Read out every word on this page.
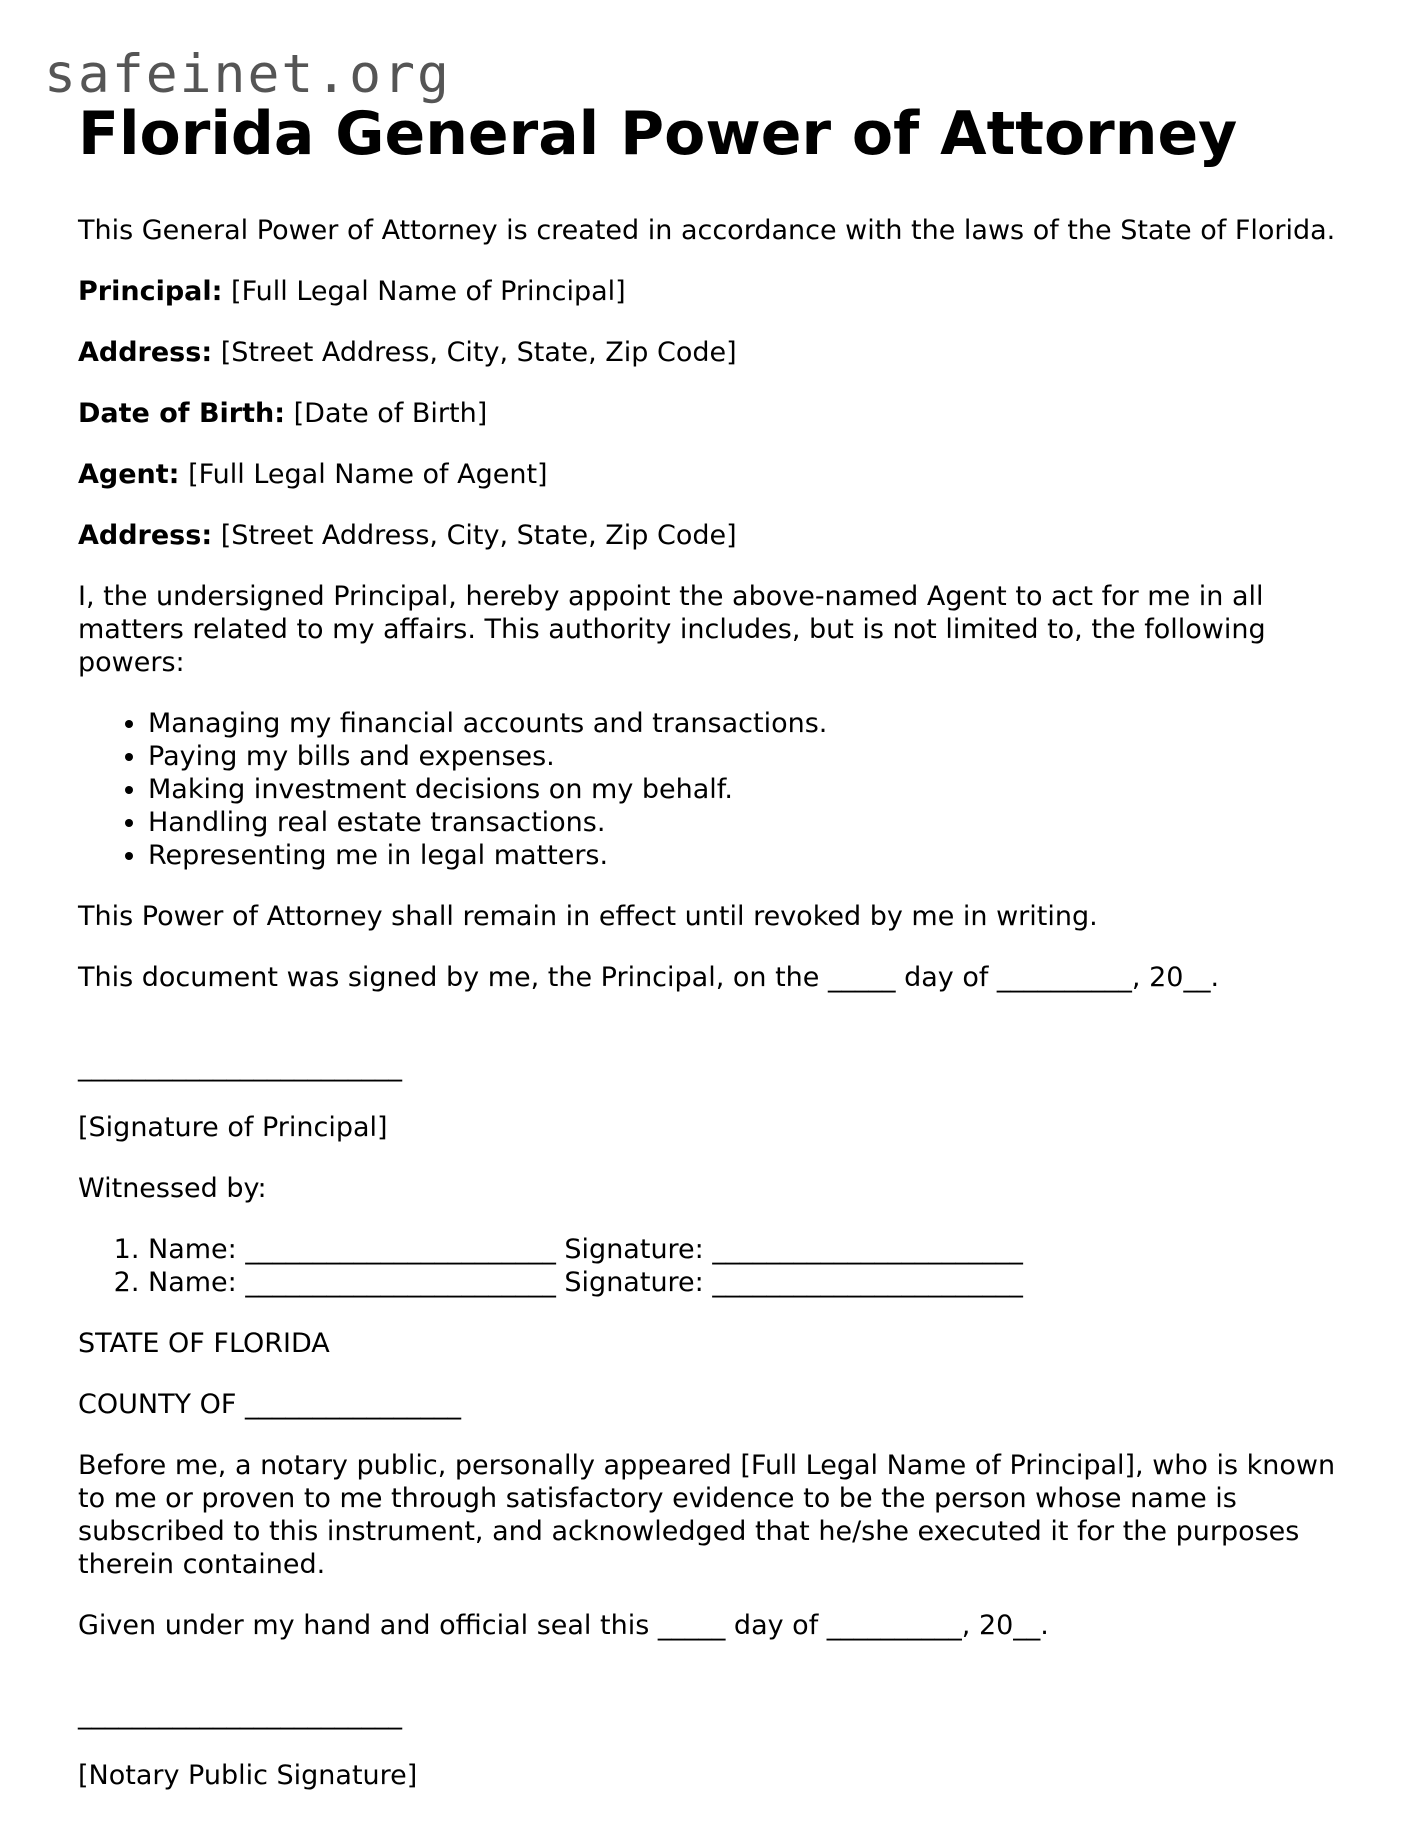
safeinet.org
Florida General Power of Attorney

This General Power of Attorney is created in accordance with the laws of the State of Florida.

Principal: [Full Legal Name of Principal]

Address: [Street Address, City, State, Zip Code]

Date of Birth: [Date of Birth]

Agent: [Full Legal Name of Agent]

Address: [Street Address, City, State, Zip Code]

I, the undersigned Principal, hereby appoint the above-named Agent to act for me in all matters related to my affairs. This authority includes, but is not limited to, the following powers:

• Managing my financial accounts and transactions.
• Paying my bills and expenses.
• Making investment decisions on my behalf.
• Handling real estate transactions.
• Representing me in legal matters.

This Power of Attorney shall remain in effect until revoked by me in writing.

This document was signed by me, the Principal, on the _____ day of __________, 20__.

________________________

[Signature of Principal]

Witnessed by:

1. Name: _______________________ Signature: _______________________
2. Name: _______________________ Signature: _______________________

STATE OF FLORIDA

COUNTY OF ________________

Before me, a notary public, personally appeared [Full Legal Name of Principal], who is known to me or proven to me through satisfactory evidence to be the person whose name is subscribed to this instrument, and acknowledged that he/she executed it for the purposes therein contained.

Given under my hand and official seal this _____ day of __________, 20__.

________________________

[Notary Public Signature]
